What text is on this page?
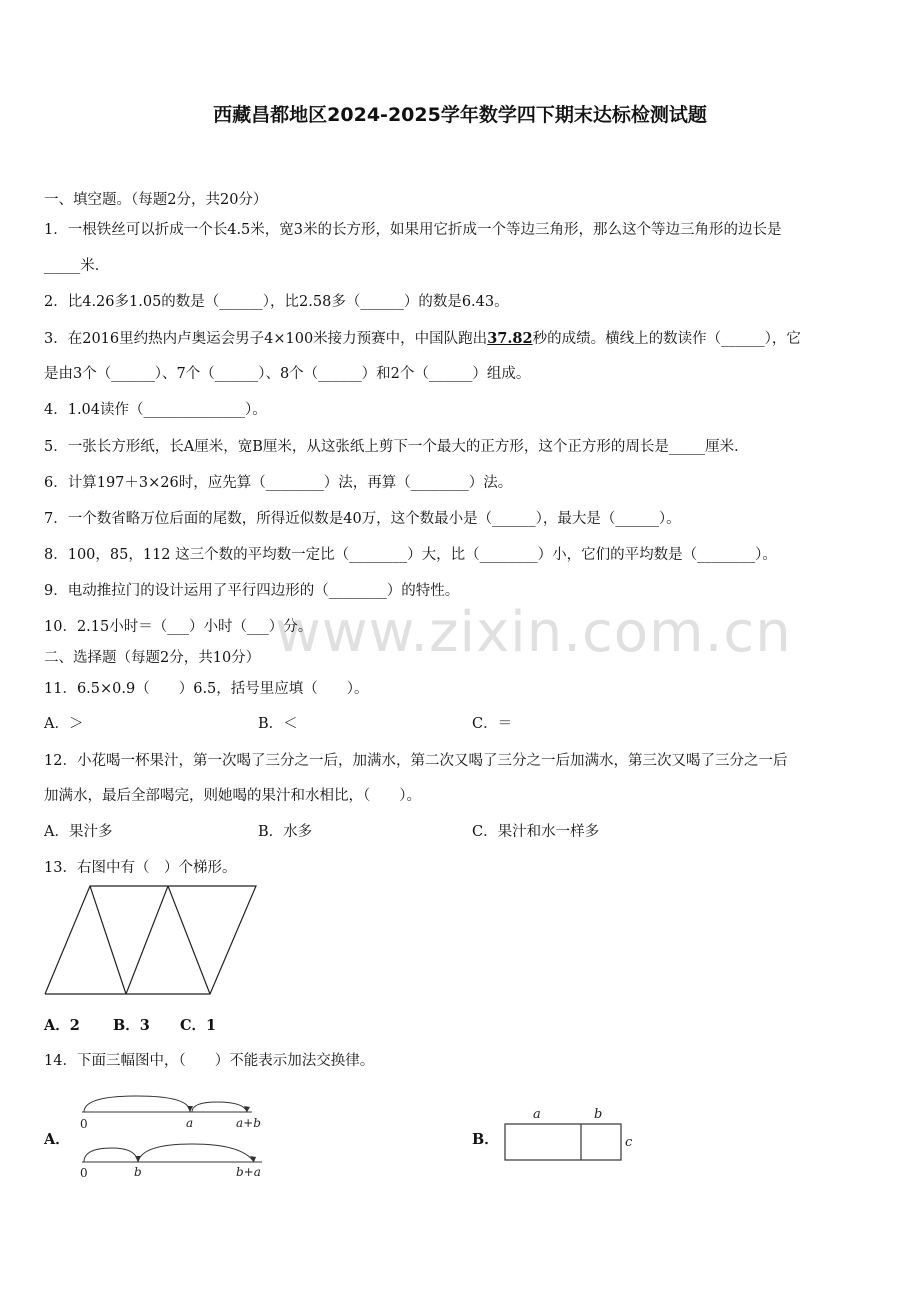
西藏昌都地区2024-2025学年数学四下期末达标检测试题
www.zixin.com.cn
一、填空题。（每题2分，共20分）
1．一根铁丝可以折成一个长4.5米，宽3米的长方形，如果用它折成一个等边三角形，那么这个等边三角形的边长是
_____米．
2．比4.26多1.05的数是（______），比2.58多（______）的数是6.43。
3．在2016里约热内卢奥运会男子4×100米接力预赛中，中国队跑出37.82秒的成绩。横线上的数读作（______），它
是由3个（______）、7个（______）、8个（______）和2个（______）组成。
4．1.04读作（______________）。
5．一张长方形纸，长A厘米，宽B厘米，从这张纸上剪下一个最大的正方形，这个正方形的周长是_____厘米．
6．计算197＋3×26时，应先算（________）法，再算（________）法。
7．一个数省略万位后面的尾数，所得近似数是40万，这个数最小是（______），最大是（______）。
8．100，85，112 这三个数的平均数一定比（________）大，比（________）小，它们的平均数是（________）。
9．电动推拉门的设计运用了平行四边形的（________）的特性。
10．2.15小时＝（___）小时（___）分。
二、选择题（每题2分，共10分）
11．6.5×0.9（　　）6.5，括号里应填（　　）。
A．＞	B．＜	C．＝
12．小花喝一杯果汁，第一次喝了三分之一后，加满水，第二次又喝了三分之一后加满水，第三次又喝了三分之一后
加满水，最后全部喝完，则她喝的果汁和水相比，（　　）。
A．果汁多	B．水多	C．果汁和水一样多
13．右图中有（　）个梯形。
A．2 B．3 C．1
14．下面三幅图中，（　　）不能表示加法交换律。
A．
0	a	a+b
0	b	b+a
B．
a	b
c
